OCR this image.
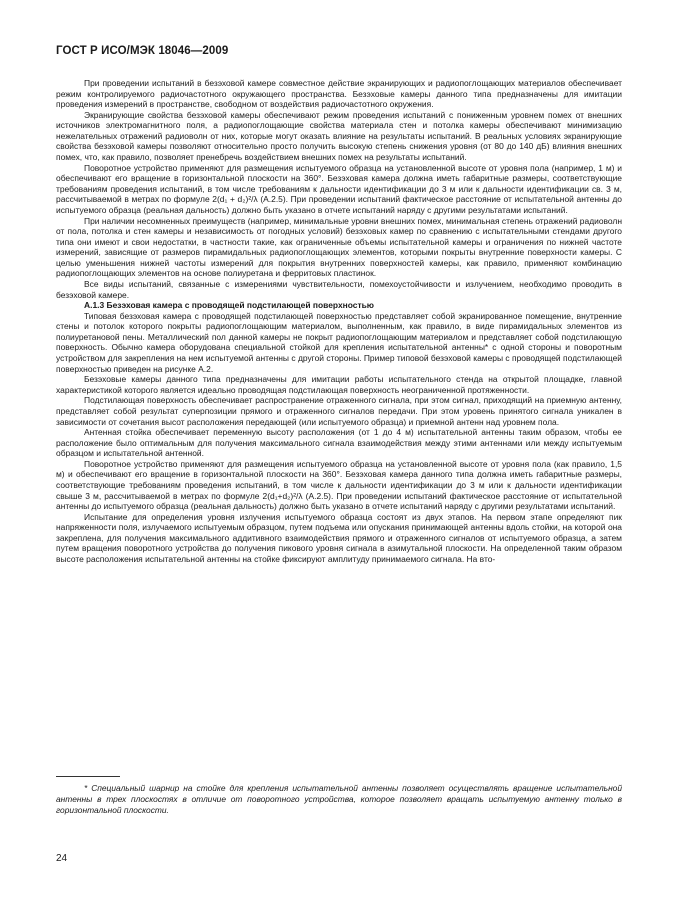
ГОСТ Р ИСО/МЭК 18046—2009

При проведении испытаний в безэховой камере совместное действие экранирующих и радиопоглощающих материалов обеспечивает режим контролируемого радиочастотного окружающего пространства. Безэховые камеры данного типа предназначены для имитации проведения измерений в пространстве, свободном от воздействия радиочастотного окружения.

Экранирующие свойства безэховой камеры обеспечивают режим проведения испытаний с пониженным уровнем помех от внешних источников электромагнитного поля, а радиопоглощающие свойства материала стен и потолка камеры обеспечивают минимизацию нежелательных отражений радиоволн от них, которые могут оказать влияние на результаты испытаний. В реальных условиях экранирующие свойства безэховой камеры позволяют относительно просто получить высокую степень снижения уровня (от 80 до 140 дБ) влияния внешних помех, что, как правило, позволяет пренебречь воздействием внешних помех на результаты испытаний.

Поворотное устройство применяют для размещения испытуемого образца на установленной высоте от уровня пола (например, 1 м) и обеспечивают его вращение в горизонтальной плоскости на 360°. Безэховая камера должна иметь габаритные размеры, соответствующие требованиям проведения испытаний, в том числе требованиям к дальности идентификации до 3 м или к дальности идентификации св. 3 м, рассчитываемой в метрах по формуле 2(d₁ + d₂)²/λ (А.2.5). При проведении испытаний фактическое расстояние от испытательной антенны до испытуемого образца (реальная дальность) должно быть указано в отчете испытаний наряду с другими результатами испытаний.

При наличии несомненных преимуществ (например, минимальные уровни внешних помех, минимальная степень отражений радиоволн от пола, потолка и стен камеры и независимость от погодных условий) безэховых камер по сравнению с испытательными стендами другого типа они имеют и свои недостатки, в частности такие, как ограниченные объемы испытательной камеры и ограничения по нижней частоте измерений, зависящие от размеров пирамидальных радиопоглощающих элементов, которыми покрыты внутренние поверхности камеры. С целью уменьшения нижней частоты измерений для покрытия внутренних поверхностей камеры, как правило, применяют комбинацию радиопоглощающих элементов на основе полиуретана и ферритовых пластинок.

Все виды испытаний, связанные с измерениями чувствительности, помехоустойчивости и излучением, необходимо проводить в безэховой камере.

А.1.3 Безэховая камера с проводящей подстилающей поверхностью

Типовая безэховая камера с проводящей подстилающей поверхностью представляет собой экранированное помещение, внутренние стены и потолок которого покрыты радиопоглощающим материалом, выполненным, как правило, в виде пирамидальных элементов из полиуретановой пены. Металлический пол данной камеры не покрыт радиопоглощающим материалом и представляет собой подстилающую поверхность. Обычно камера оборудована специальной стойкой для крепления испытательной антенны* с одной стороны и поворотным устройством для закрепления на нем испытуемой антенны с другой стороны. Пример типовой безэховой камеры с проводящей подстилающей поверхностью приведен на рисунке А.2.

Безэховые камеры данного типа предназначены для имитации работы испытательного стенда на открытой площадке, главной характеристикой которого является идеально проводящая подстилающая поверхность неограниченной протяженности.

Подстилающая поверхность обеспечивает распространение отраженного сигнала, при этом сигнал, приходящий на приемную антенну, представляет собой результат суперпозиции прямого и отраженного сигналов передачи. При этом уровень принятого сигнала уникален в зависимости от сочетания высот расположения передающей (или испытуемого образца) и приемной антенн над уровнем пола.

Антенная стойка обеспечивает переменную высоту расположения (от 1 до 4 м) испытательной антенны таким образом, чтобы ее расположение было оптимальным для получения максимального сигнала взаимодействия между этими антеннами или между испытуемым образцом и испытательной антенной.

Поворотное устройство применяют для размещения испытуемого образца на установленной высоте от уровня пола (как правило, 1,5 м) и обеспечивают его вращение в горизонтальной плоскости на 360°. Безэховая камера данного типа должна иметь габаритные размеры, соответствующие требованиям проведения испытаний, в том числе к дальности идентификации до 3 м или к дальности идентификации свыше 3 м, рассчитываемой в метрах по формуле 2(d₁+d₂)²/λ (А.2.5). При проведении испытаний фактическое расстояние от испытательной антенны до испытуемого образца (реальная дальность) должно быть указано в отчете испытаний наряду с другими результатами испытаний.

Испытание для определения уровня излучения испытуемого образца состоят из двух этапов. На первом этапе определяют пик напряженности поля, излучаемого испытуемым образцом, путем подъема или опускания принимающей антенны вдоль стойки, на которой она закреплена, для получения максимального аддитивного взаимодействия прямого и отраженного сигналов от испытуемого образца, а затем путем вращения поворотного устройства до получения пикового уровня сигнала в азимутальной плоскости. На определенной таким образом высоте расположения испытательной антенны на стойке фиксируют амплитуду принимаемого сигнала. На вто-

* Специальный шарнир на стойке для крепления испытательной антенны позволяет осуществлять вращение испытательной антенны в трех плоскостях в отличие от поворотного устройства, которое позволяет вращать испытуемую антенну только в горизонтальной плоскости.

24
